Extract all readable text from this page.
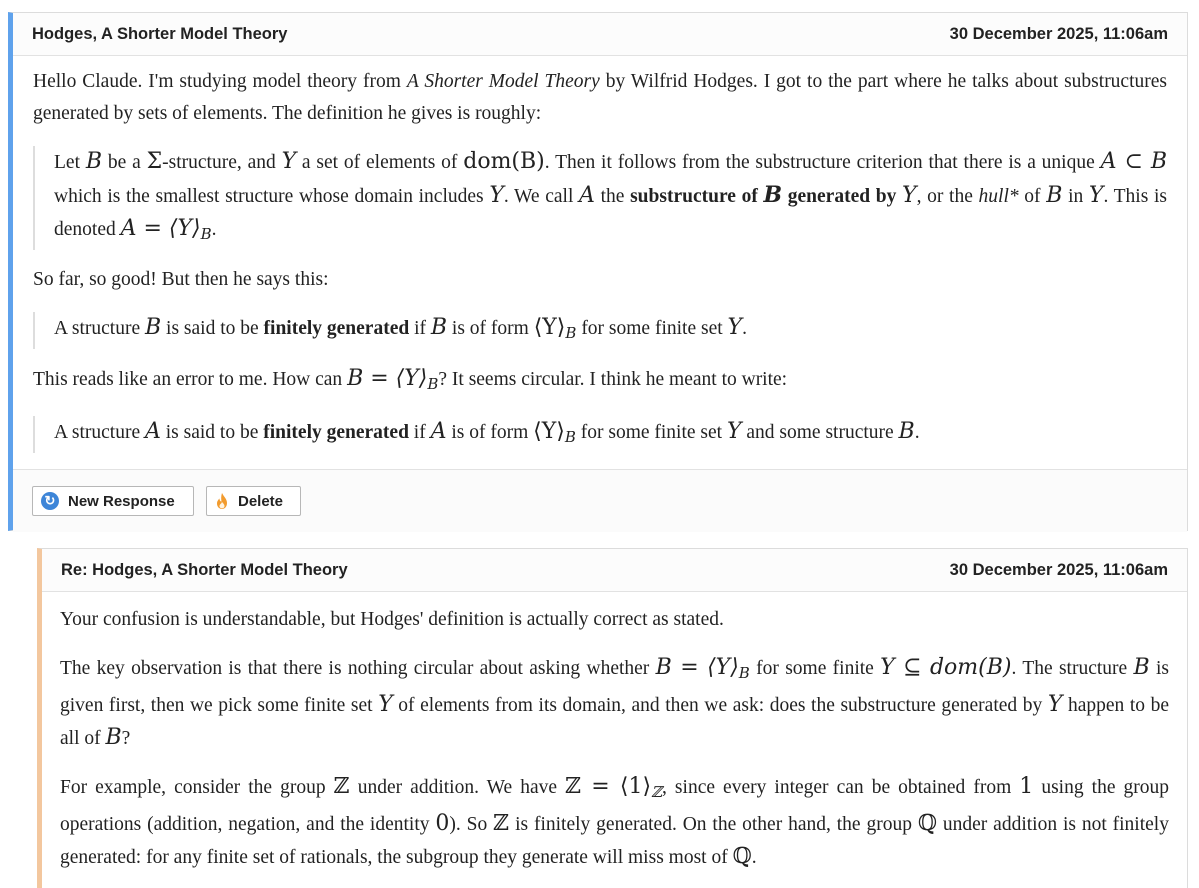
Hodges, A Shorter Model Theory	30 December 2025, 11:06am

Hello Claude. I'm studying model theory from A Shorter Model Theory by Wilfrid Hodges. I got to the part where he talks about substructures generated by sets of elements. The definition he gives is roughly:

Let B be a Σ-structure, and Y a set of elements of dom(B). Then it follows from the substructure criterion that there is a unique A ⊂ B which is the smallest structure whose domain includes Y. We call A the substructure of B generated by Y, or the hull* of B in Y. This is denoted $A = ⟨Y⟩_B$.

So far, so good! But then he says this:

A structure B is said to be finitely generated if B is of form $⟨Y⟩_B$ for some finite set Y.

This reads like an error to me. How can $B = ⟨Y⟩_B$? It seems circular. I think he meant to write:

A structure A is said to be finitely generated if A is of form $⟨Y⟩_B$ for some finite set Y and some structure B.
↻ New Response	Delete
Re: Hodges, A Shorter Model Theory	30 December 2025, 11:06am

Your confusion is understandable, but Hodges' definition is actually correct as stated.

The key observation is that there is nothing circular about asking whether $B = ⟨Y⟩_B$ for some finite Y ⊆ dom(B). The structure B is given first, then we pick some finite set Y of elements from its domain, and then we ask: does the substructure generated by Y happen to be all of B?

For example, consider the group ℤ under addition. We have ℤ = $⟨1⟩_ℤ$, since every integer can be obtained from 1 using the group operations (addition, negation, and the identity 0). So ℤ is finitely generated. On the other hand, the group ℚ under addition is not finitely generated: for any finite set of rationals, the subgroup they generate will miss most of ℚ.
